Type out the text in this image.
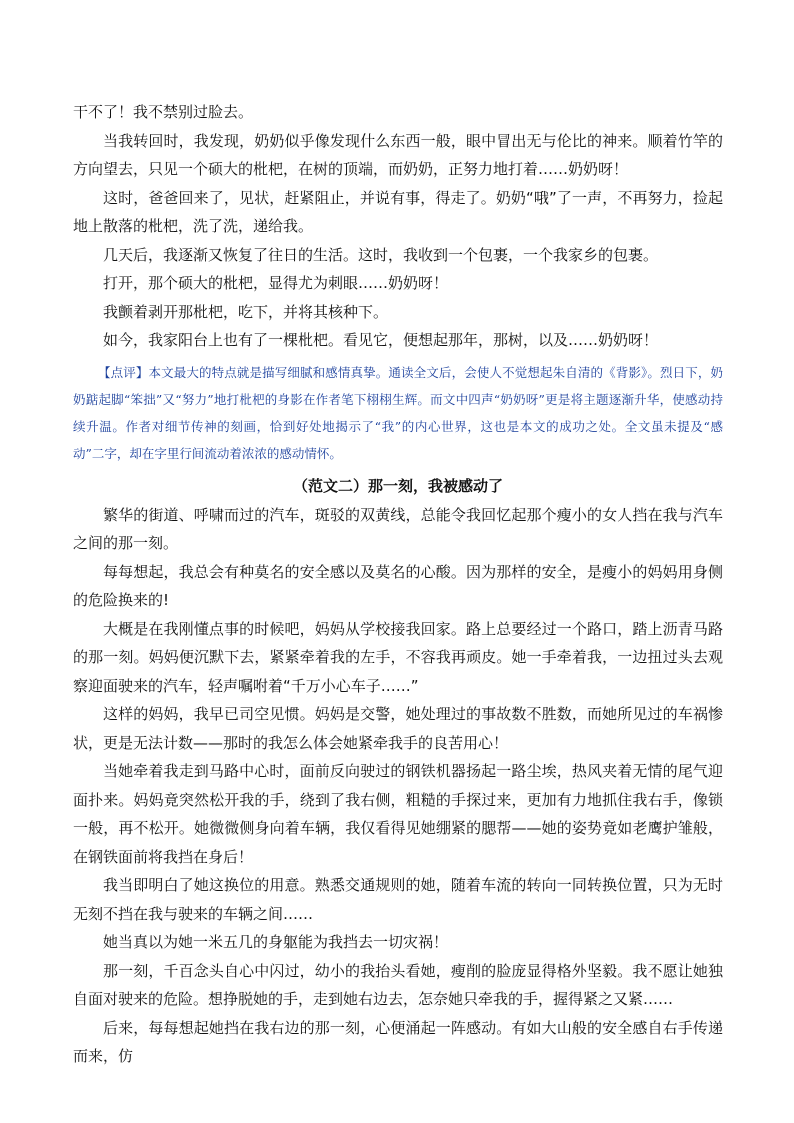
干不了！我不禁别过脸去。

当我转回时，我发现，奶奶似乎像发现什么东西一般，眼中冒出无与伦比的神来。顺着竹竿的方向望去，只见一个硕大的枇杷，在树的顶端，而奶奶，正努力地打着……奶奶呀！

这时，爸爸回来了，见状，赶紧阻止，并说有事，得走了。奶奶“哦”了一声，不再努力，捡起地上散落的枇杷，洗了洗，递给我。

几天后，我逐渐又恢复了往日的生活。这时，我收到一个包裹，一个我家乡的包裹。

打开，那个硕大的枇杷，显得尤为刺眼……奶奶呀！

我颤着剥开那枇杷，吃下，并将其核种下。

如今，我家阳台上也有了一棵枇杷。看见它，便想起那年，那树，以及……奶奶呀！

【点评】本文最大的特点就是描写细腻和感情真挚。通读全文后，会使人不觉想起朱自清的《背影》。烈日下，奶奶踮起脚“笨拙”又“努力”地打枇杷的身影在作者笔下栩栩生辉。而文中四声“奶奶呀”更是将主题逐渐升华，使感动持续升温。作者对细节传神的刻画，恰到好处地揭示了“我”的内心世界，这也是本文的成功之处。全文虽未提及“感动”二字，却在字里行间流动着浓浓的感动情怀。

（范文二）那一刻，我被感动了

繁华的街道、呼啸而过的汽车，斑驳的双黄线，总能令我回忆起那个瘦小的女人挡在我与汽车之间的那一刻。

每每想起，我总会有种莫名的安全感以及莫名的心酸。因为那样的安全，是瘦小的妈妈用身侧的危险换来的!

大概是在我刚懂点事的时候吧，妈妈从学校接我回家。路上总要经过一个路口，踏上沥青马路的那一刻。妈妈便沉默下去，紧紧牵着我的左手，不容我再顽皮。她一手牵着我，一边扭过头去观察迎面驶来的汽车，轻声嘱咐着“千万小心车子……”

这样的妈妈，我早已司空见惯。妈妈是交警，她处理过的事故数不胜数，而她所见过的车祸惨状，更是无法计数——那时的我怎么体会她紧牵我手的良苦用心！

当她牵着我走到马路中心时，面前反向驶过的钢铁机器扬起一路尘埃，热风夹着无情的尾气迎面扑来。妈妈竟突然松开我的手，绕到了我右侧，粗糙的手探过来，更加有力地抓住我右手，像锁一般，再不松开。她微微侧身向着车辆，我仅看得见她绷紧的腮帮——她的姿势竟如老鹰护雏般，在钢铁面前将我挡在身后！

我当即明白了她这换位的用意。熟悉交通规则的她，随着车流的转向一同转换位置，只为无时无刻不挡在我与驶来的车辆之间……

她当真以为她一米五几的身躯能为我挡去一切灾祸！

那一刻，千百念头自心中闪过，幼小的我抬头看她，瘦削的脸庞显得格外坚毅。我不愿让她独自面对驶来的危险。想挣脱她的手，走到她右边去，怎奈她只牵我的手，握得紧之又紧……

后来，每每想起她挡在我右边的那一刻，心便涌起一阵感动。有如大山般的安全感自右手传递而来，仿
